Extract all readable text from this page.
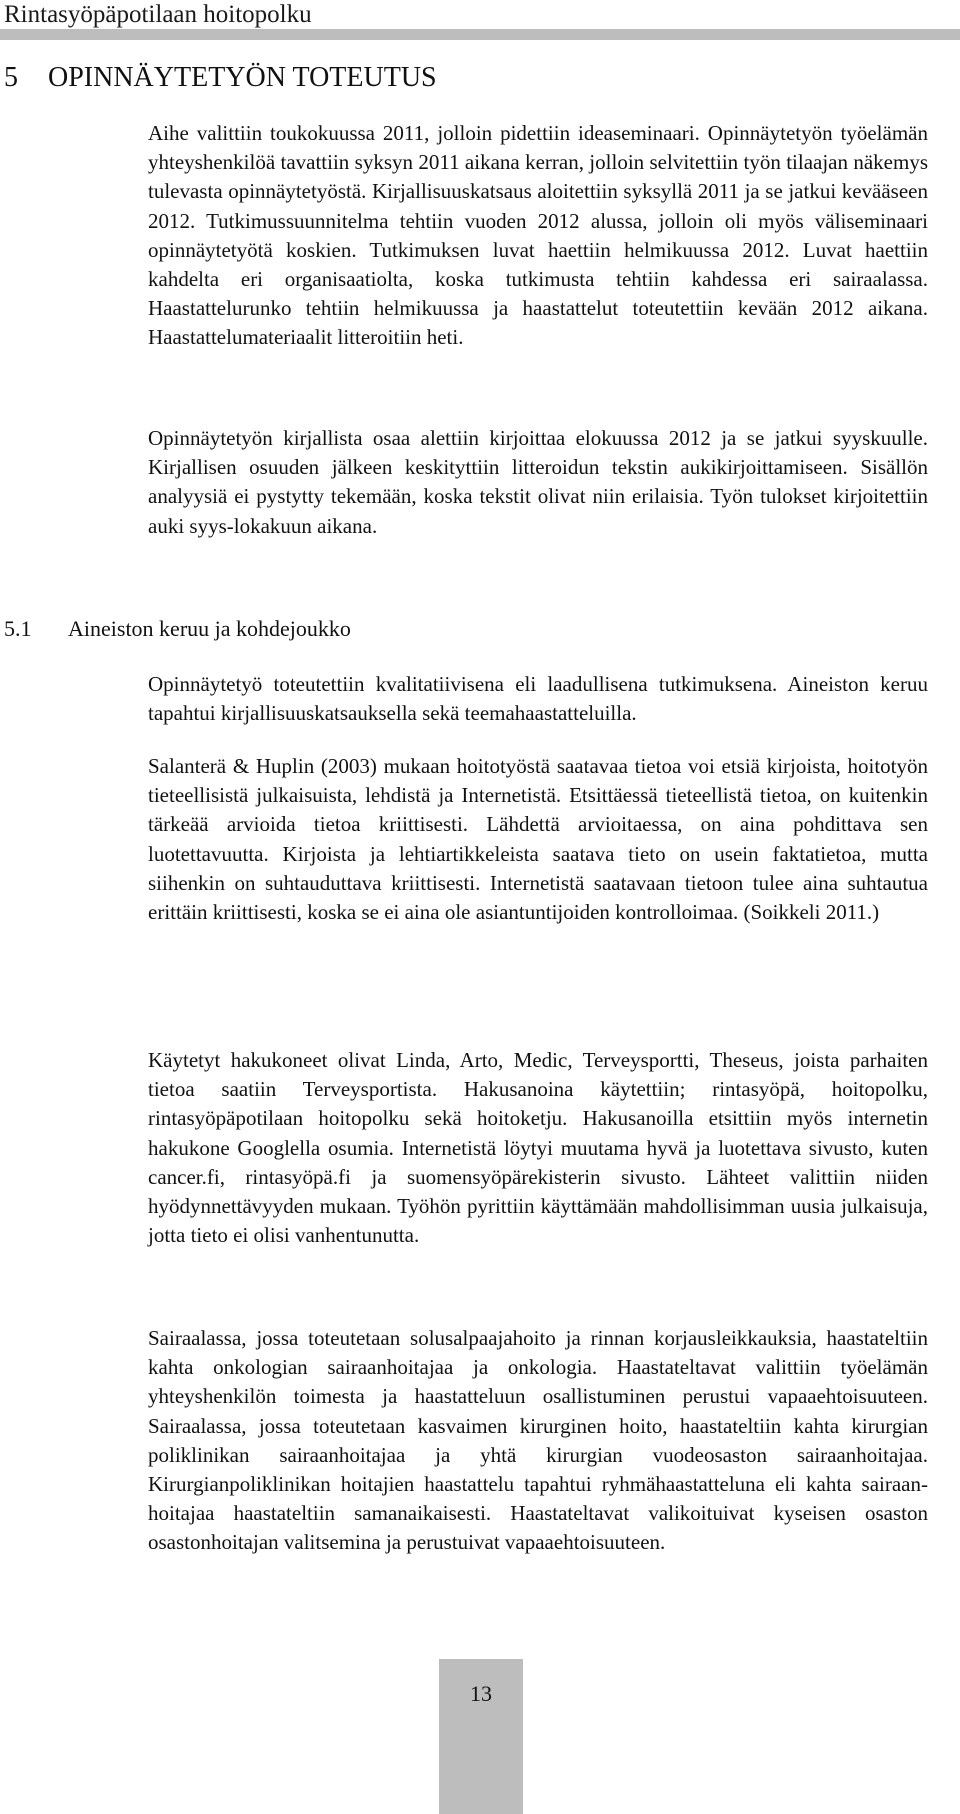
Rintasyöpäpotilaan hoitopolku
5 OPINNÄYTETYÖN TOTEUTUS

Aihe valittiin toukokuussa 2011, jolloin pidettiin ideaseminaari. Opinnäytetyön työelämän yhteyshenkilöä tavattiin syksyn 2011 aikana kerran, jolloin selvitettiin työn tilaajan näkemys tulevasta opinnäytetyöstä. Kirjallisuuskatsaus aloitettiin syksyllä 2011 ja se jatkui kevääseen 2012. Tutkimussuunnitelma tehtiin vuoden 2012 alussa, jolloin oli myös väliseminaari opinnäytetyötä koskien. Tutkimuksen luvat haettiin helmikuussa 2012. Luvat haettiin kahdelta eri organisaatiolta, koska tutkimusta tehtiin kahdessa eri sairaalassa. Haastattelurunko tehtiin helmikuussa ja haastattelut toteutettiin kevään 2012 aikana. Haastattelumateriaalit litteroitiin heti.

Opinnäytetyön kirjallista osaa alettiin kirjoittaa elokuussa 2012 ja se jatkui syyskuulle. Kirjallisen osuuden jälkeen keskityttiin litteroidun tekstin aukikirjoittamiseen. Sisällön analyysiä ei pystytty tekemään, koska tekstit olivat niin erilaisia. Työn tulokset kirjoitettiin auki syys-lokakuun aikana.

5.1 Aineiston keruu ja kohdejoukko

Opinnäytetyö toteutettiin kvalitatiivisena eli laadullisena tutkimuksena. Aineiston keruu tapahtui kirjallisuuskatsauksella sekä teemahaastatteluilla.

Salanterä & Huplin (2003) mukaan hoitotyöstä saatavaa tietoa voi etsiä kirjoista, hoitotyön tieteellisistä julkaisuista, lehdistä ja Internetistä. Etsittäessä tieteellistä tietoa, on kuitenkin tärkeää arvioida tietoa kriittisesti. Lähdettä arvioitaessa, on aina pohdittava sen luotettavuutta. Kirjoista ja lehtiartikkeleista saatava tieto on usein faktatietoa, mutta siihenkin on suhtauduttava kriittisesti. Internetistä saatavaan tietoon tulee aina suhtautua erittäin kriittisesti, koska se ei aina ole asiantuntijoiden kontrolloimaa. (Soikkeli 2011.)

Käytetyt hakukoneet olivat Linda, Arto, Medic, Terveysportti, Theseus, joista parhaiten tietoa saatiin Terveysportista. Hakusanoina käytettiin; rintasyöpä, hoitopolku, rintasyöpäpotilaan hoitopolku sekä hoitoketju. Hakusanoilla etsittiin myös internetin hakukone Googlella osumia. Internetistä löytyi muutama hyvä ja luotettava sivusto, kuten cancer.fi, rintasyöpä.fi ja suomensyöpärekisterin sivusto. Lähteet valittiin niiden hyödynnettävyyden mukaan. Työhön pyrittiin käyttämään mahdollisimman uusia julkaisuja, jotta tieto ei olisi vanhentunutta.

Sairaalassa, jossa toteutetaan solusalpaajahoito ja rinnan korjausleikkauksia, haastateltiin kahta onkologian sairaanhoitajaa ja onkologia. Haastateltavat valittiin työelämän yhteyshenkilön toimesta ja haastatteluun osallistuminen perustui vapaaehtoisuuteen. Sairaalassa, jossa toteutetaan kasvaimen kirurginen hoito, haastateltiin kahta kirurgian poliklinikan sairaanhoitajaa ja yhtä kirurgian vuodeosaston sairaanhoitajaa. Kirurgianpoliklinikan hoitajien haastattelu tapahtui ryhmähaastatteluna eli kahta sairaanhoitajaa haastateltiin samanaikaisesti. Haastateltavat valikoituivat kyseisen osaston osastonhoitajan valitsemina ja perustuivat vapaaehtoisuuteen.

13
